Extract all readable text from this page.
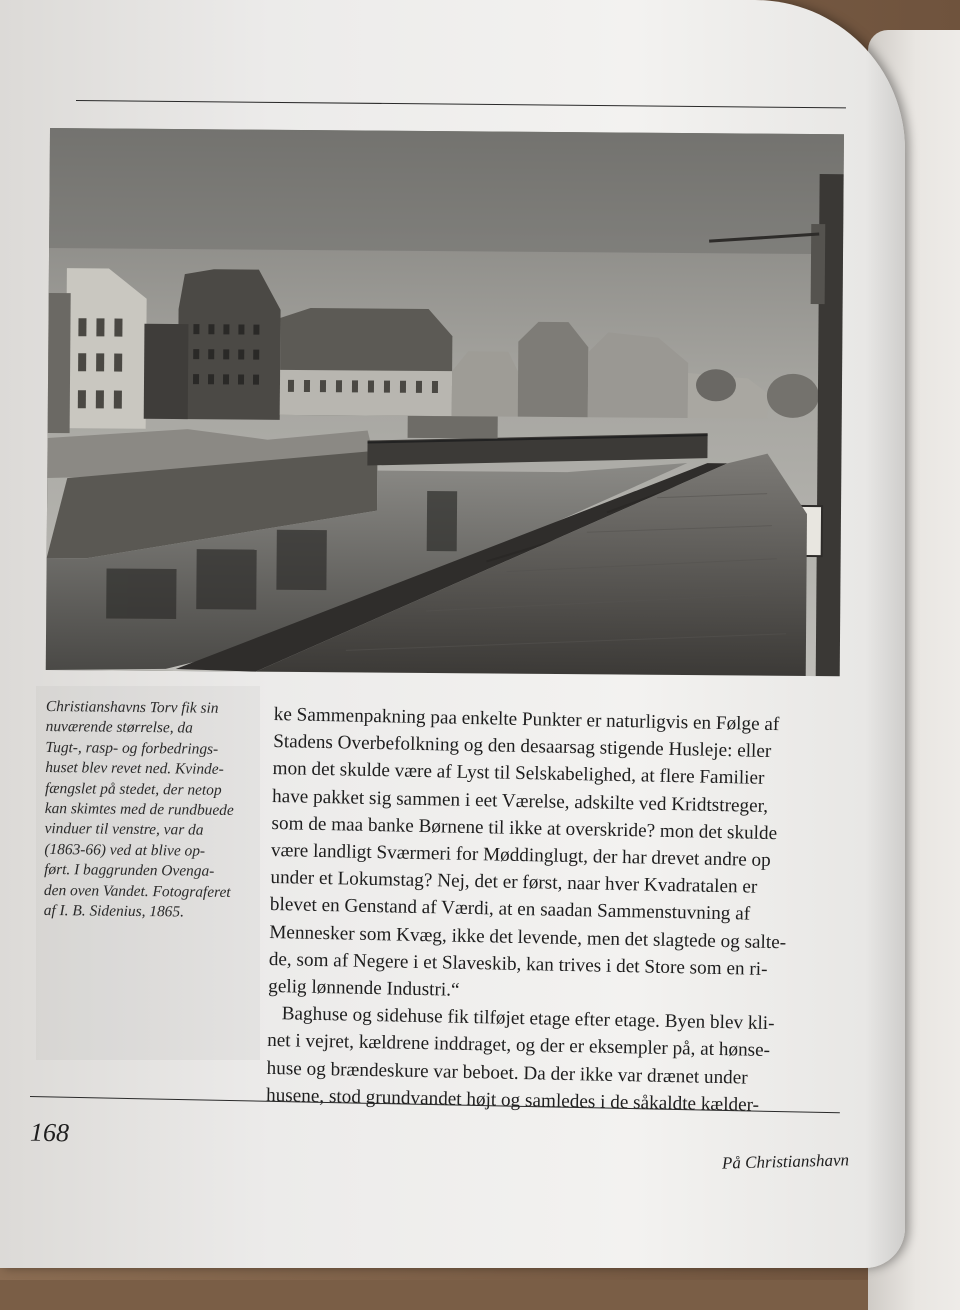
Christianshavns Torv fik sin
nuværende størrelse, da
Tugt-, rasp- og forbedrings-
huset blev revet ned. Kvinde-
fængslet på stedet, der netop
kan skimtes med de rundbuede
vinduer til venstre, var da
(1863-66) ved at blive op-
ført. I baggrunden Ovenga-
den oven Vandet. Fotograferet
af I. B. Sidenius, 1865.
ke Sammenpakning paa enkelte Punkter er naturligvis en Følge af
Stadens Overbefolkning og den desaarsag stigende Husleje: eller
mon det skulde være af Lyst til Selskabelighed, at flere Familier
have pakket sig sammen i eet Værelse, adskilte ved Kridtstreger,
som de maa banke Børnene til ikke at overskride? mon det skulde
være landligt Sværmeri for Møddinglugt, der har drevet andre op
under et Lokumstag? Nej, det er først, naar hver Kvadratalen er
blevet en Genstand af Værdi, at en saadan Sammenstuvning af
Mennesker som Kvæg, ikke det levende, men det slagtede og salte-
de, som af Negere i et Slaveskib, kan trives i det Store som en ri-
gelig lønnende Industri.“
Baghuse og sidehuse fik tilføjet etage efter etage. Byen blev kli-
net i vejret, kældrene inddraget, og der er eksempler på, at hønse-
huse og brændeskure var beboet. Da der ikke var drænet under
husene, stod grundvandet højt og samledes i de såkaldte kælder-
168
På Christianshavn
